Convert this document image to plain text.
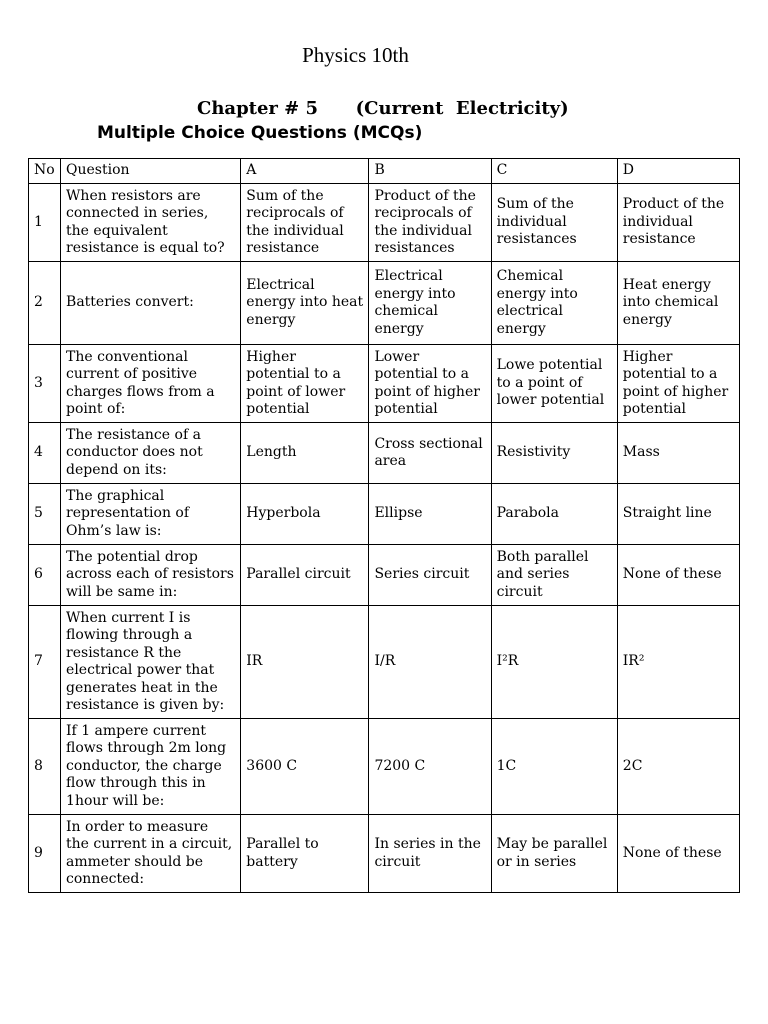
Physics 10th
Chapter # 5      (Current  Electricity)
Multiple Choice Questions (MCQs)
No	Question	A	B	C	D
1	When resistors are connected in series, the equivalent resistance is equal to?	Sum of the reciprocals of the individual resistance	Product of the reciprocals of the individual resistances	Sum of the individual resistances	Product of the individual resistance
2	Batteries convert:	Electrical energy into heat energy	Electrical energy into chemical energy	Chemical energy into electrical energy	Heat energy into chemical energy
3	The conventional current of positive charges flows from a point of:	Higher potential to a point of lower potential	Lower potential to a point of higher potential	Lowe potential to a point of lower potential	Higher potential to a point of higher potential
4	The resistance of a conductor does not depend on its:	Length	Cross sectional area	Resistivity	Mass
5	The graphical representation of Ohm’s law is:	Hyperbola	Ellipse	Parabola	Straight line
6	The potential drop across each of resistors will be same in:	Parallel circuit	Series circuit	Both parallel and series circuit	None of these
7	When current I is flowing through a resistance R the electrical power that generates heat in the resistance is given by:	IR	I/R	I²R	IR²
8	If 1 ampere current flows through 2m long conductor, the charge flow through this in 1hour will be:	3600 C	7200 C	1C	2C
9	In order to measure the current in a circuit, ammeter should be connected:	Parallel to battery	In series in the circuit	May be parallel or in series	None of these
